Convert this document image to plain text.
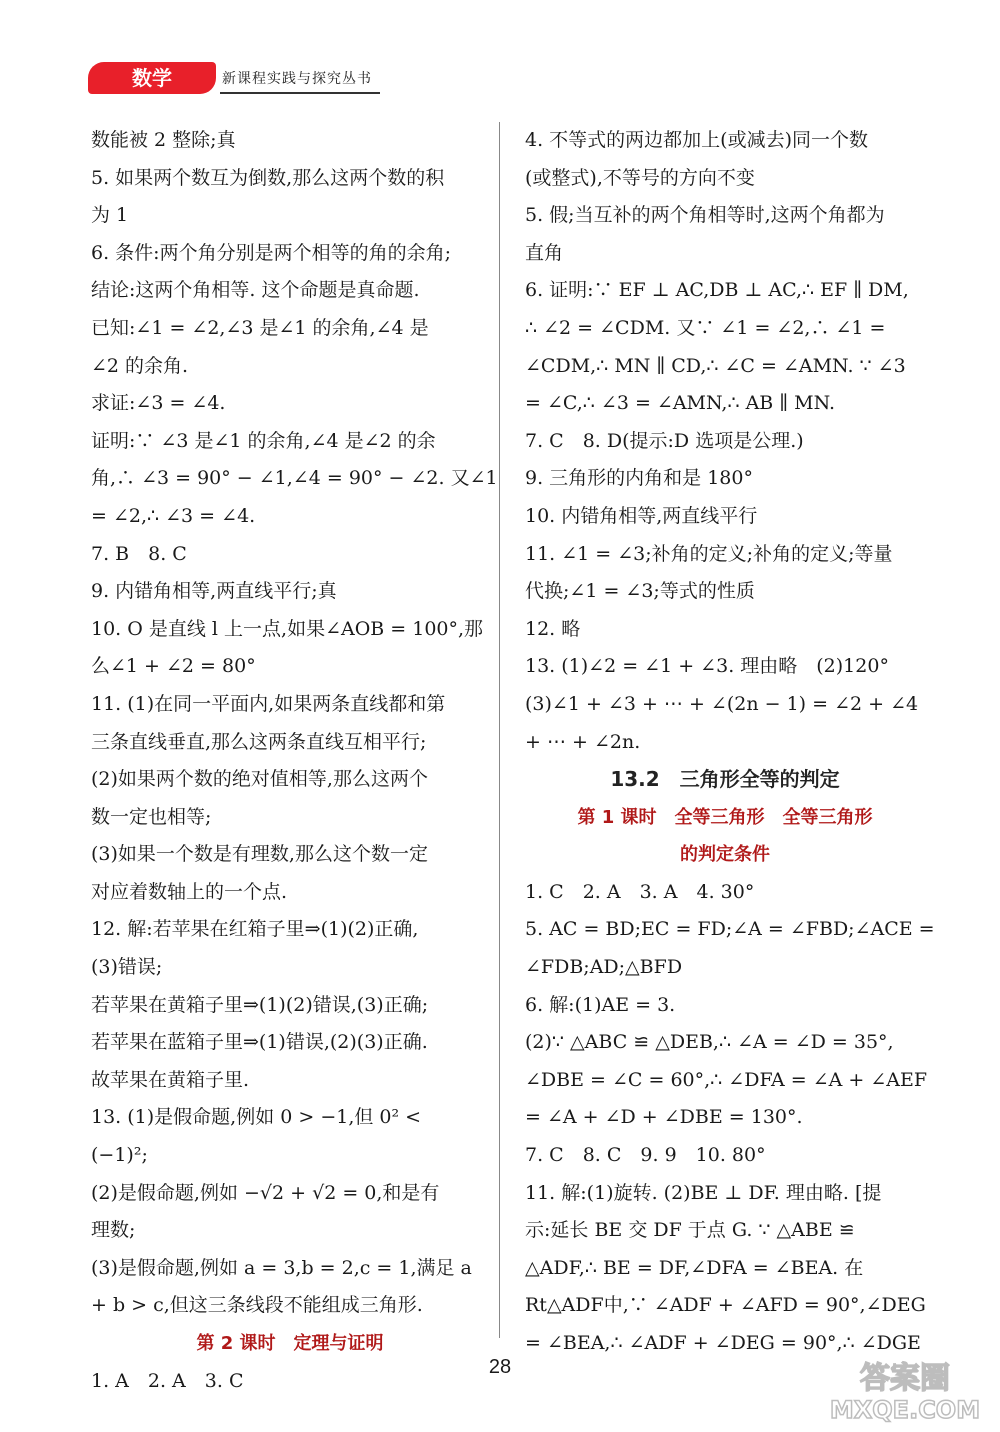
数学	新课程实践与探究丛书
数能被 2 整除;真
5. 如果两个数互为倒数,那么这两个数的积
为 1
6. 条件:两个角分别是两个相等的角的余角;
结论:这两个角相等. 这个命题是真命题.
已知:∠1 = ∠2,∠3 是∠1 的余角,∠4 是
∠2 的余角.
求证:∠3 = ∠4.
证明:∵ ∠3 是∠1 的余角,∠4 是∠2 的余
角,∴ ∠3 = 90° − ∠1,∠4 = 90° − ∠2. 又∠1
= ∠2,∴ ∠3 = ∠4.
7. B　8. C
9. 内错角相等,两直线平行;真
10. O 是直线 l 上一点,如果∠AOB = 100°,那
么∠1 + ∠2 = 80°
11. (1)在同一平面内,如果两条直线都和第
三条直线垂直,那么这两条直线互相平行;
(2)如果两个数的绝对值相等,那么这两个
数一定也相等;
(3)如果一个数是有理数,那么这个数一定
对应着数轴上的一个点.
12. 解:若苹果在红箱子里⇒(1)(2)正确,
(3)错误;
若苹果在黄箱子里⇒(1)(2)错误,(3)正确;
若苹果在蓝箱子里⇒(1)错误,(2)(3)正确.
故苹果在黄箱子里.
13. (1)是假命题,例如 0 > −1,但 0² <
(−1)²;
(2)是假命题,例如 −√2 + √2 = 0,和是有
理数;
(3)是假命题,例如 a = 3,b = 2,c = 1,满足 a
+ b > c,但这三条线段不能组成三角形.
第 2 课时　定理与证明
1. A　2. A　3. C
4. 不等式的两边都加上(或减去)同一个数
(或整式),不等号的方向不变
5. 假;当互补的两个角相等时,这两个角都为
直角
6. 证明:∵ EF ⊥ AC,DB ⊥ AC,∴ EF ∥ DM,
∴ ∠2 = ∠CDM. 又∵ ∠1 = ∠2,∴ ∠1 =
∠CDM,∴ MN ∥ CD,∴ ∠C = ∠AMN. ∵ ∠3
= ∠C,∴ ∠3 = ∠AMN,∴ AB ∥ MN.
7. C　8. D(提示:D 选项是公理.)
9. 三角形的内角和是 180°
10. 内错角相等,两直线平行
11. ∠1 = ∠3;补角的定义;补角的定义;等量
代换;∠1 = ∠3;等式的性质
12. 略
13. (1)∠2 = ∠1 + ∠3. 理由略　(2)120°
(3)∠1 + ∠3 + ⋯ + ∠(2n − 1) = ∠2 + ∠4
+ ⋯ + ∠2n.
13.2　三角形全等的判定
第 1 课时　全等三角形　全等三角形
的判定条件
1. C　2. A　3. A　4. 30°
5. AC = BD;EC = FD;∠A = ∠FBD;∠ACE =
∠FDB;AD;△BFD
6. 解:(1)AE = 3.
(2)∵ △ABC ≌ △DEB,∴ ∠A = ∠D = 35°,
∠DBE = ∠C = 60°,∴ ∠DFA = ∠A + ∠AEF
= ∠A + ∠D + ∠DBE = 130°.
7. C　8. C　9. 9　10. 80°
11. 解:(1)旋转. (2)BE ⊥ DF. 理由略. [提
示:延长 BE 交 DF 于点 G. ∵ △ABE ≌
△ADF,∴ BE = DF,∠DFA = ∠BEA. 在
Rt△ADF中,∵ ∠ADF + ∠AFD = 90°,∠DEG
= ∠BEA,∴ ∠ADF + ∠DEG = 90°,∴ ∠DGE
28	答案圈
MXQE.COM
